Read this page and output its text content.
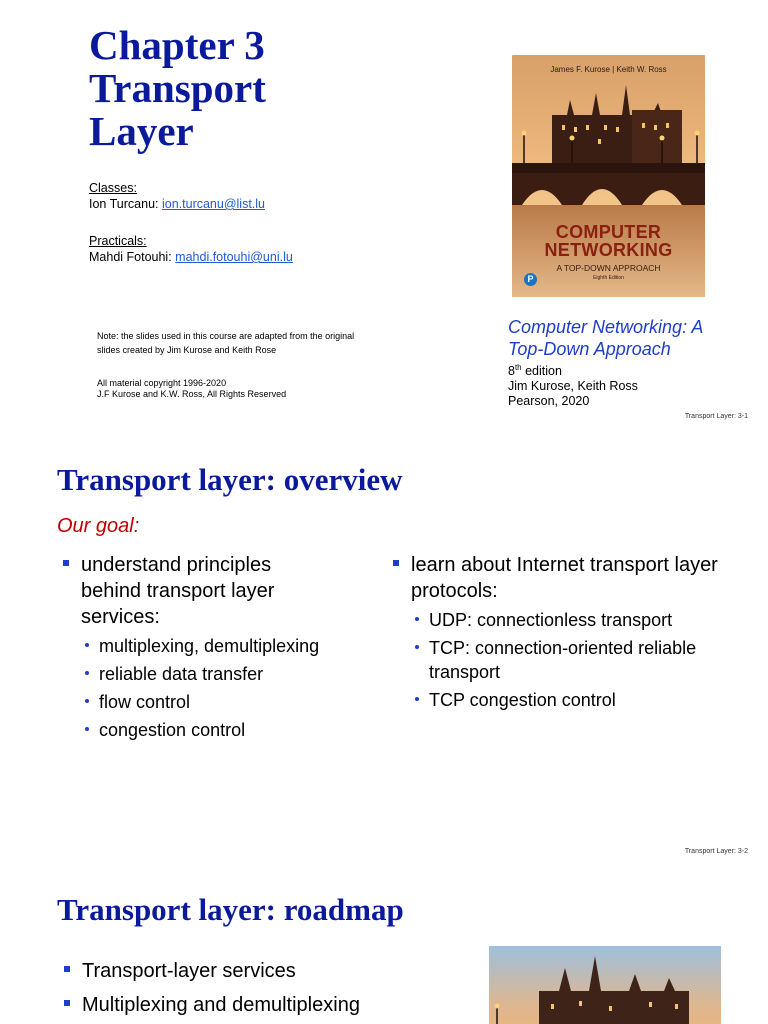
Chapter 3
Transport
Layer
Classes:
Ion Turcanu: ion.turcanu@list.lu
Practicals:
Mahdi Fotouhi: mahdi.fotouhi@uni.lu
Note: the slides used in this course are adapted from the original
slides created by Jim Kurose and Keith Rose
All material copyright 1996-2020
J.F Kurose and K.W. Ross, All Rights Reserved
James F. Kurose | Keith W. Ross
COMPUTER
NETWORKING
A TOP-DOWN APPROACH
Eighth Edition
P
Computer Networking: A
Top-Down Approach
8th edition
Jim Kurose, Keith Ross
Pearson, 2020
Transport Layer: 3-1
Transport layer: overview
Our goal:
understand principles behind transport layer services:
multiplexing, demultiplexing
reliable data transfer
flow control
congestion control
learn about Internet transport layer protocols:
UDP: connectionless transport
TCP: connection-oriented reliable transport
TCP congestion control
Transport Layer: 3-2
Transport layer: roadmap
Transport-layer services
Multiplexing and demultiplexing
